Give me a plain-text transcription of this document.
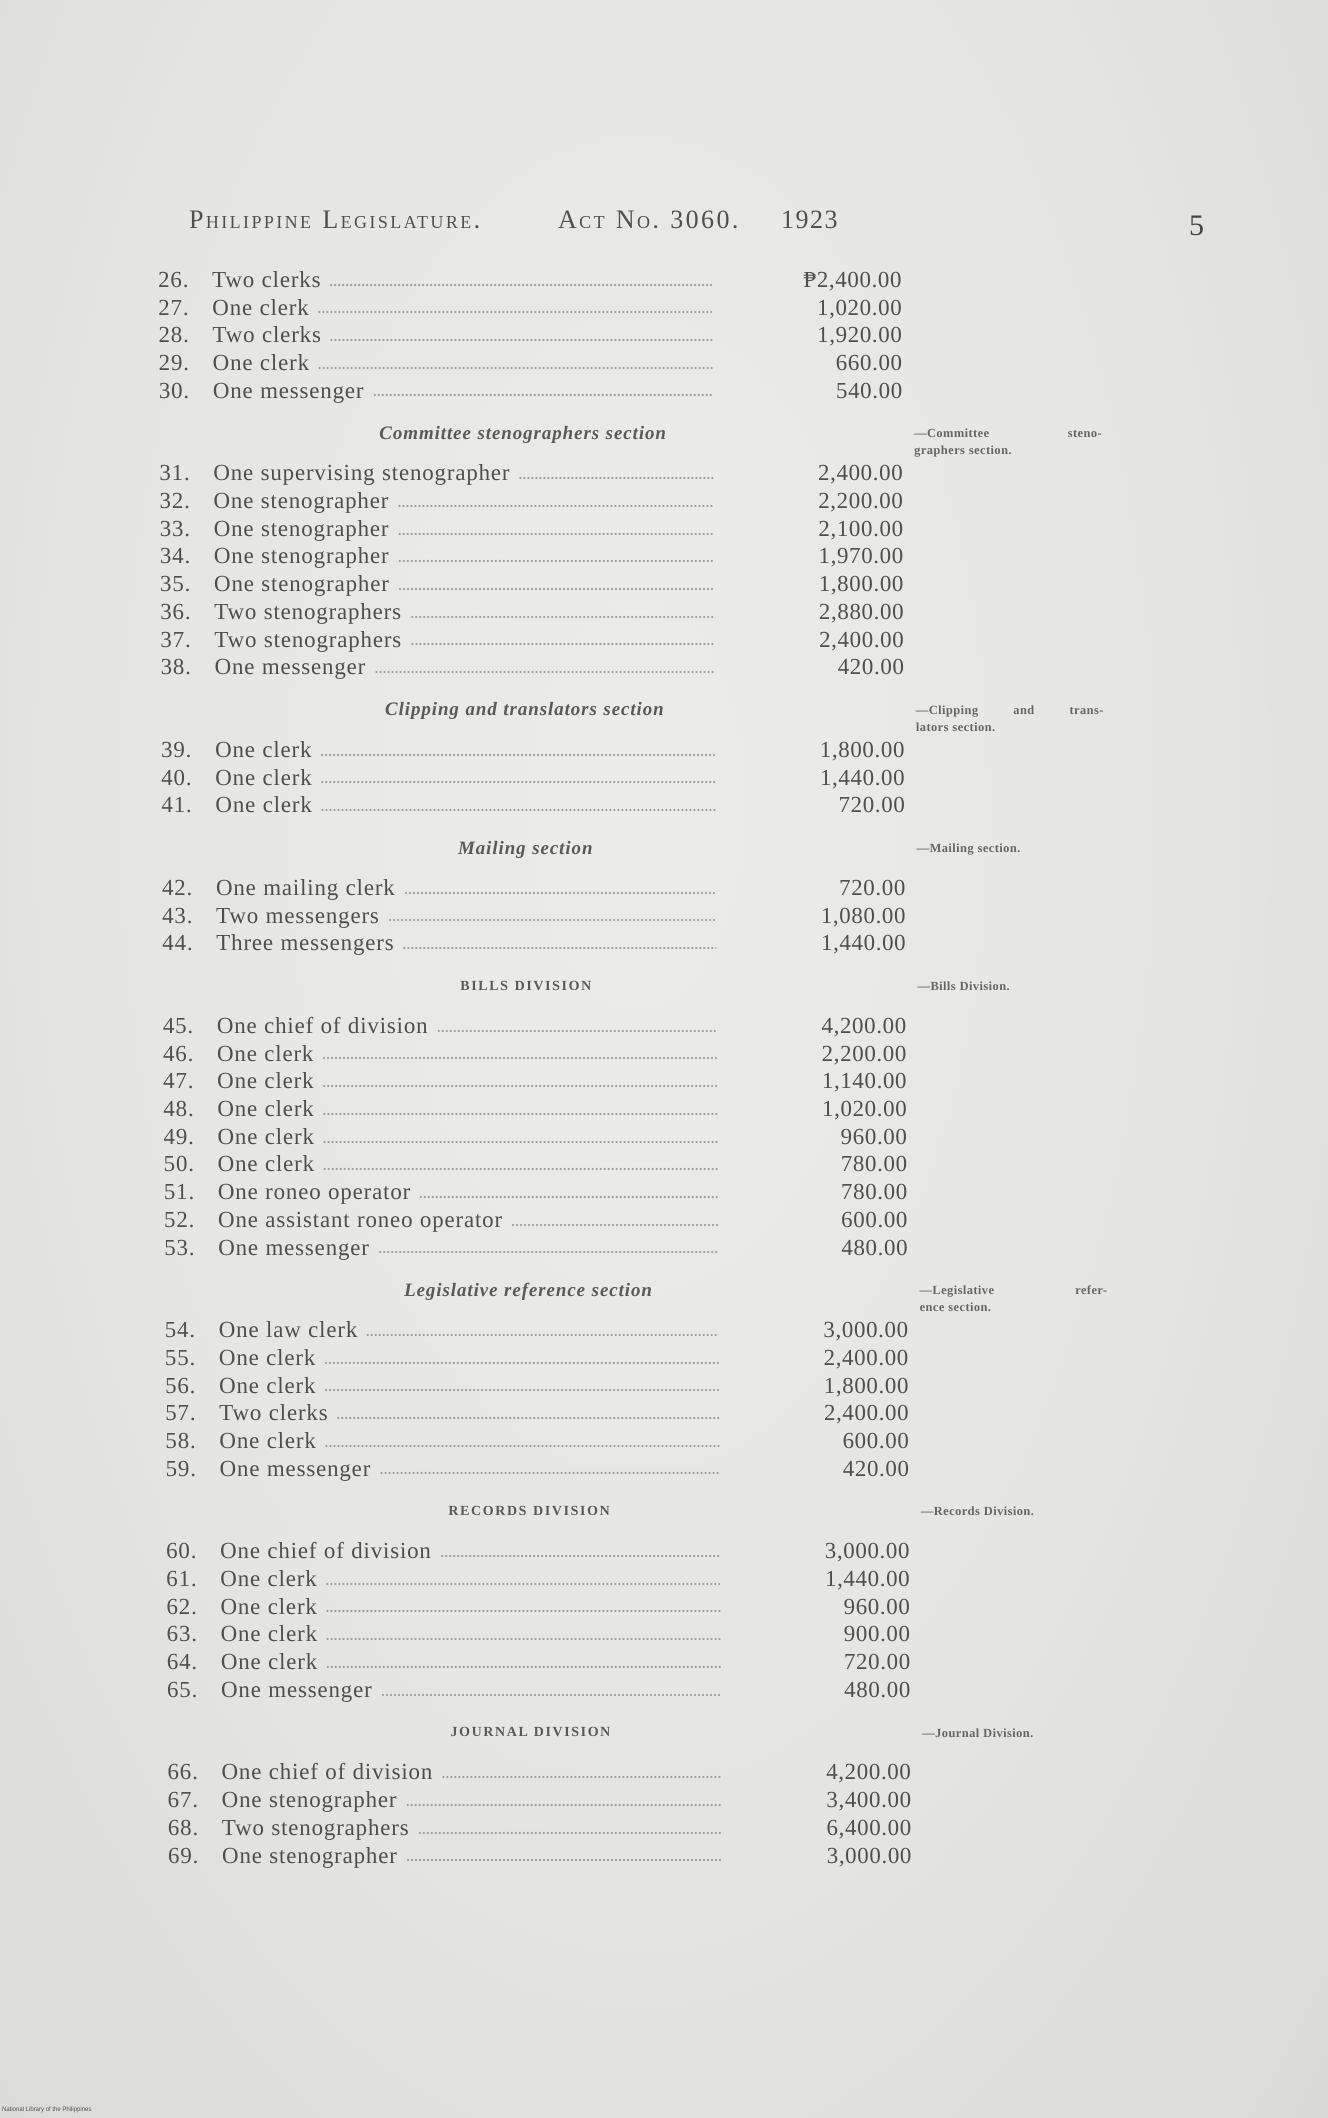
Philippine Legislature.	Act No. 3060. 1923	5
26. Two clerks	₱2,400.00
27. One clerk	1,020.00
28. Two clerks	1,920.00
29. One clerk	660.00
30. One messenger	540.00
Committee stenographers section	—Committee steno-
graphers section.
31. One supervising stenographer	2,400.00
32. One stenographer	2,200.00
33. One stenographer	2,100.00
34. One stenographer	1,970.00
35. One stenographer	1,800.00
36. Two stenographers	2,880.00
37. Two stenographers	2,400.00
38. One messenger	420.00
Clipping and translators section	—Clipping and trans-
lators section.
39. One clerk	1,800.00
40. One clerk	1,440.00
41. One clerk	720.00
Mailing section	—Mailing section.
42. One mailing clerk	720.00
43. Two messengers	1,080.00
44. Three messengers	1,440.00
BILLS DIVISION	—Bills Division.
45. One chief of division	4,200.00
46. One clerk	2,200.00
47. One clerk	1,140.00
48. One clerk	1,020.00
49. One clerk	960.00
50. One clerk	780.00
51. One roneo operator	780.00
52. One assistant roneo operator	600.00
53. One messenger	480.00
Legislative reference section	—Legislative refer-
ence section.
54. One law clerk	3,000.00
55. One clerk	2,400.00
56. One clerk	1,800.00
57. Two clerks	2,400.00
58. One clerk	600.00
59. One messenger	420.00
RECORDS DIVISION	—Records Division.
60. One chief of division	3,000.00
61. One clerk	1,440.00
62. One clerk	960.00
63. One clerk	900.00
64. One clerk	720.00
65. One messenger	480.00
JOURNAL DIVISION	—Journal Division.
66. One chief of division	4,200.00
67. One stenographer	3,400.00
68. Two stenographers	6,400.00
69. One stenographer	3,000.00
National Library of the Philippines
